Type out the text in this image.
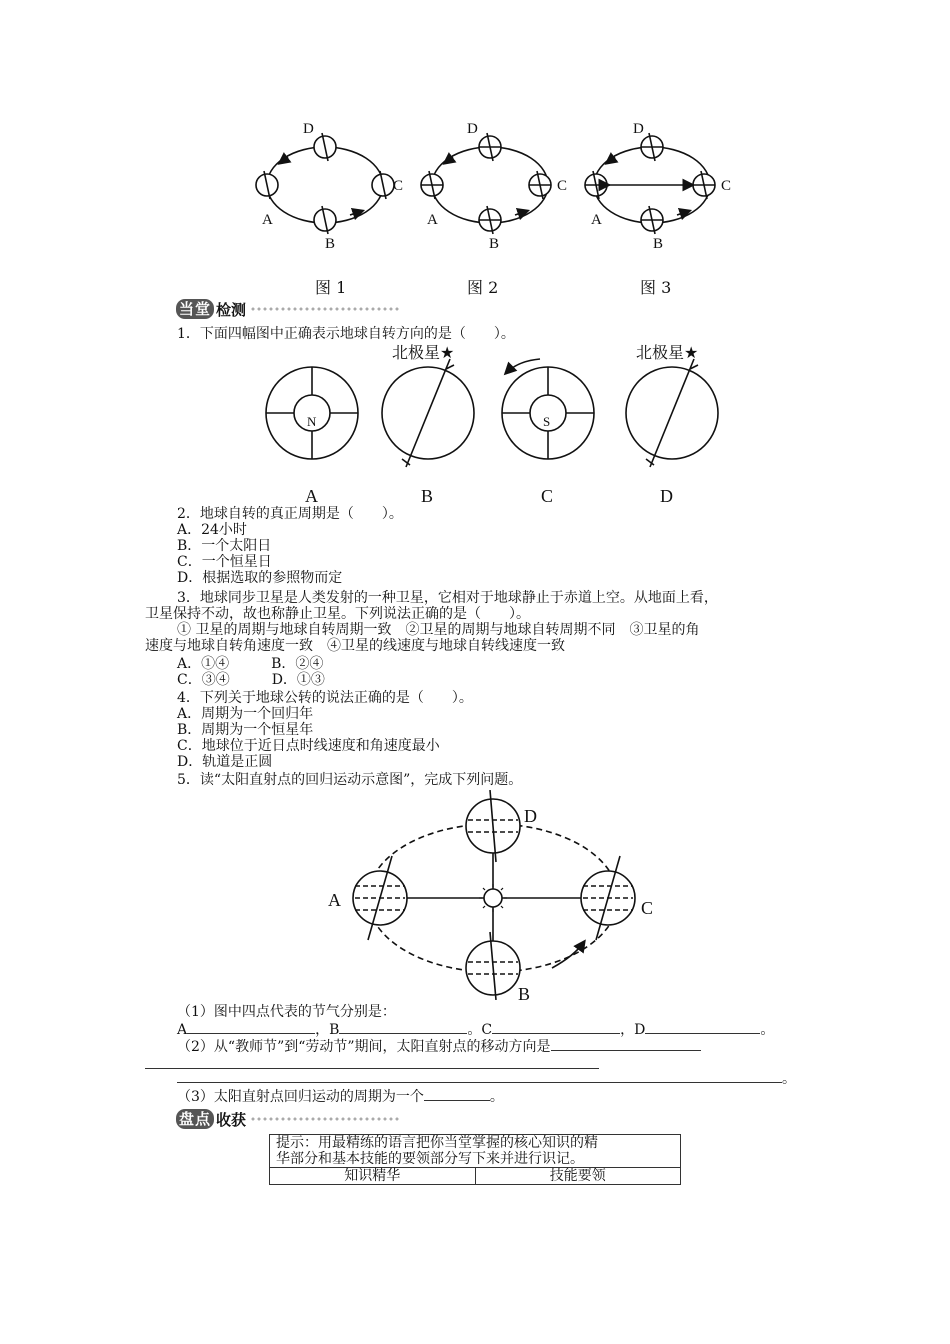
D
A
C
B
D
A
C
B
D
A
C
B
图 1	图 2	图 3
当堂 检测
1．下面四幅图中正确表示地球自转方向的是（　　）。
北极星★	北极星★
N	S
A	B	C	D
2．地球自转的真正周期是（　　）。
A．24小时
B．一个太阳日
C．一个恒星日
D．根据选取的参照物而定
3．地球同步卫星是人类发射的一种卫星，它相对于地球静止于赤道上空。从地面上看，
卫星保持不动，故也称静止卫星。下列说法正确的是（　　）。
① 卫星的周期与地球自转周期一致　②卫星的周期与地球自转周期不同　③卫星的角
速度与地球自转角速度一致　④卫星的线速度与地球自转线速度一致
A．①④　　　B．②④
C．③④　　　D．①③
4．下列关于地球公转的说法正确的是（　　）。
A．周期为一个回归年
B．周期为一个恒星年
C．地球位于近日点时线速度和角速度最小
D．轨道是正圆
5．读“太阳直射点的回归运动示意图”，完成下列问题。
D
A	C
B
（1）图中四点代表的节气分别是：
A	，B	。C	，D	。
（2）从“教师节”到“劳动节”期间，太阳直射点的移动方向是
。
（3）太阳直射点回归运动的周期为一个	。
盘点 收获
提示：用最精练的语言把你当堂掌握的核心知识的精
华部分和基本技能的要领部分写下来并进行识记。

知识精华	技能要领
